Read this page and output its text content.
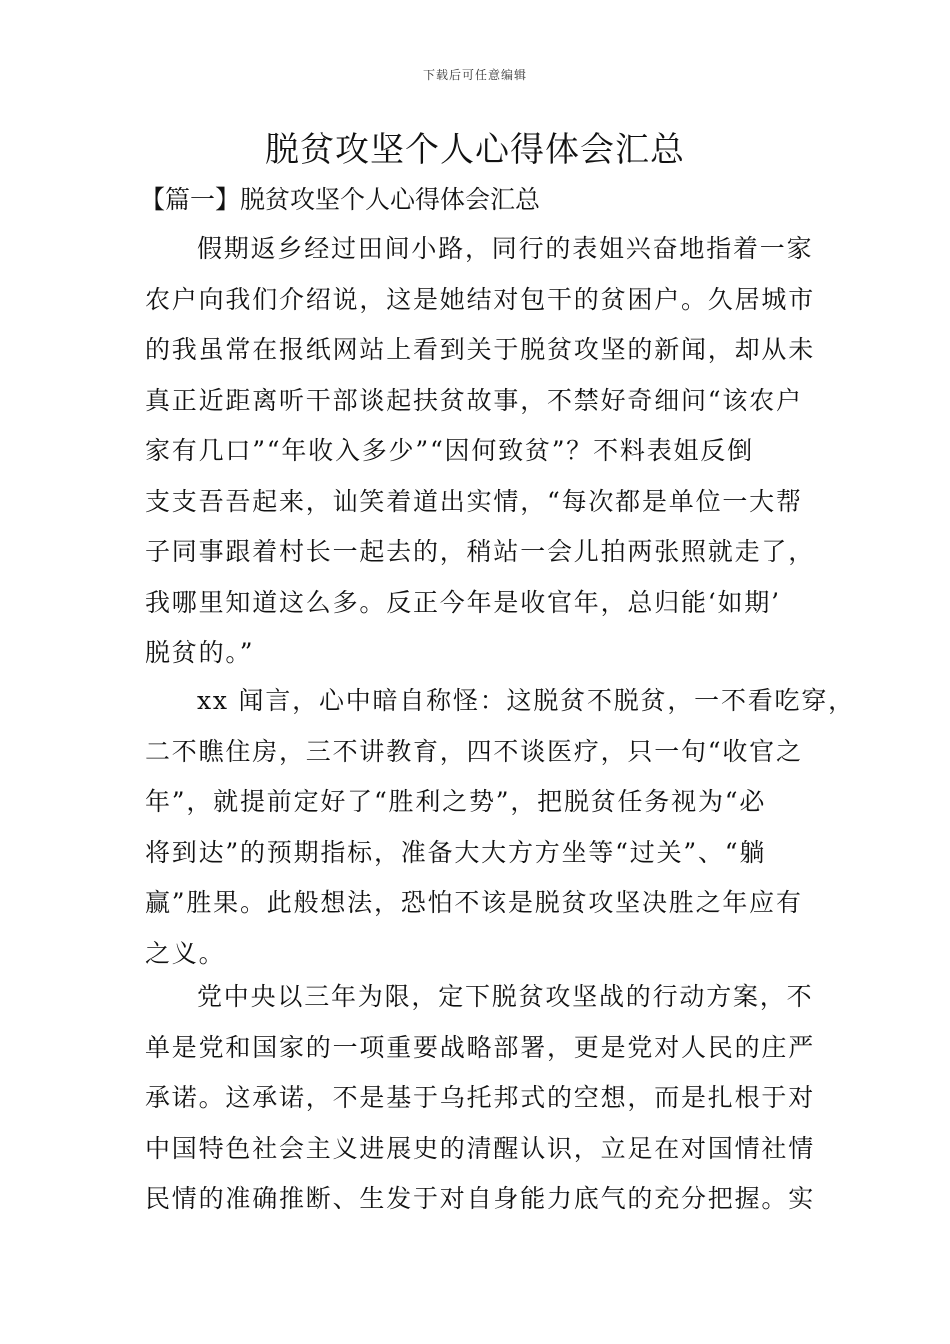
下载后可任意编辑
脱贫攻坚个人心得体会汇总
【篇一】脱贫攻坚个人心得体会汇总
假期返乡经过田间小路，同行的表姐兴奋地指着一家
农户向我们介绍说，这是她结对包干的贫困户。久居城市
的我虽常在报纸网站上看到关于脱贫攻坚的新闻，却从未
真正近距离听干部谈起扶贫故事，不禁好奇细问“该农户
家有几口”“年收入多少”“因何致贫”？不料表姐反倒
支支吾吾起来，讪笑着道出实情，“每次都是单位一大帮
子同事跟着村长一起去的，稍站一会儿拍两张照就走了，
我哪里知道这么多。反正今年是收官年，总归能‘如期’
脱贫的。”
xx 闻言，心中暗自称怪：这脱贫不脱贫，一不看吃穿，
二不瞧住房，三不讲教育，四不谈医疗，只一句“收官之
年”，就提前定好了“胜利之势”，把脱贫任务视为“必
将到达”的预期指标，准备大大方方坐等“过关”、“躺
赢”胜果。此般想法，恐怕不该是脱贫攻坚决胜之年应有
之义。
党中央以三年为限，定下脱贫攻坚战的行动方案，不
单是党和国家的一项重要战略部署，更是党对人民的庄严
承诺。这承诺，不是基于乌托邦式的空想，而是扎根于对
中国特色社会主义进展史的清醒认识，立足在对国情社情
民情的准确推断、生发于对自身能力底气的充分把握。实
